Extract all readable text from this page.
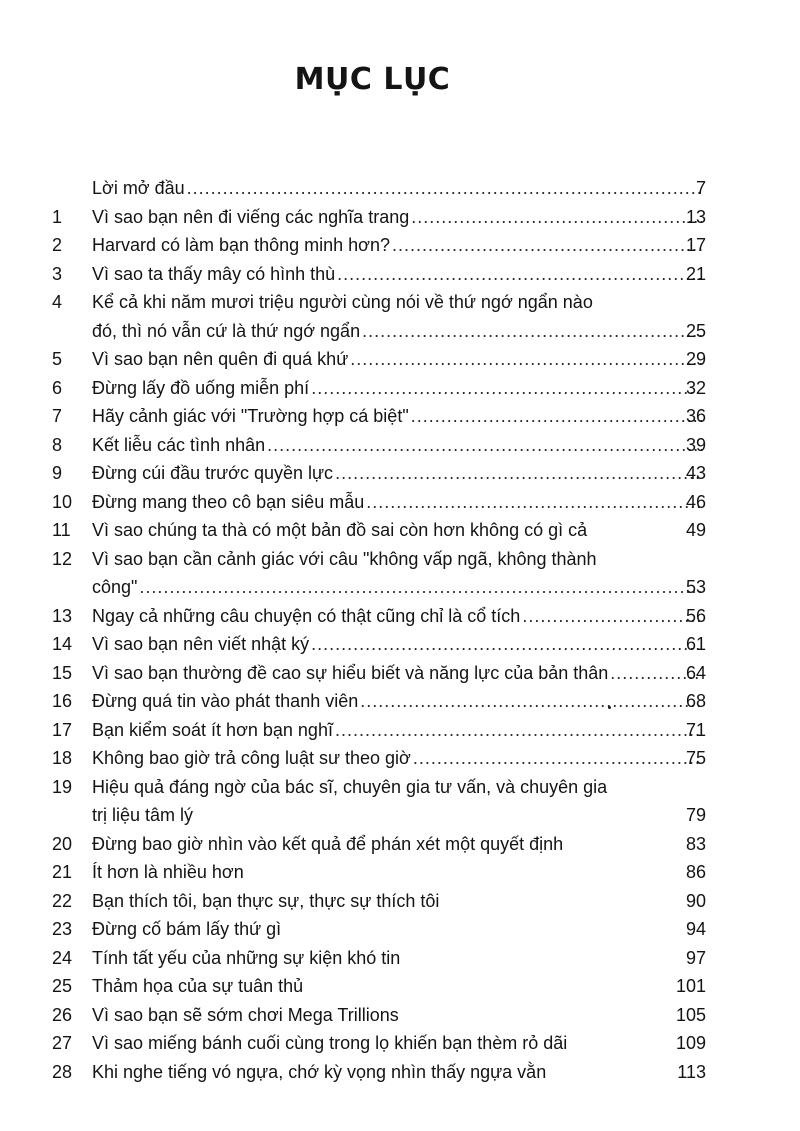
MỤC LỤC
Lời mở đầu .....	7
1	Vì sao bạn nên đi viếng các nghĩa trang .....	13
2	Harvard có làm bạn thông minh hơn? .....	17
3	Vì sao ta thấy mây có hình thù .....	21
4	Kể cả khi năm mươi triệu người cùng nói về thứ ngớ ngẩn nào
đó, thì nó vẫn cứ là thứ ngớ ngẩn .....	25
5	Vì sao bạn nên quên đi quá khứ .....	29
6	Đừng lấy đồ uống miễn phí .....	32
7	Hãy cảnh giác với "Trường hợp cá biệt" .....	36
8	Kết liễu các tình nhân .....	39
9	Đừng cúi đầu trước quyền lực .....	43
10	Đừng mang theo cô bạn siêu mẫu .....	46
11	Vì sao chúng ta thà có một bản đồ sai còn hơn không có gì cả	49
12	Vì sao bạn cần cảnh giác với câu "không vấp ngã, không thành
công" .....	53
13	Ngay cả những câu chuyện có thật cũng chỉ là cổ tích .....	56
14	Vì sao bạn nên viết nhật ký .....	61
15	Vì sao bạn thường đề cao sự hiểu biết và năng lực của bản thân .....	64
16	Đừng quá tin vào phát thanh viên .....	68
17	Bạn kiểm soát ít hơn bạn nghĩ .....	71
18	Không bao giờ trả công luật sư theo giờ .....	75
19	Hiệu quả đáng ngờ của bác sĩ, chuyên gia tư vấn, và chuyên gia
trị liệu tâm lý	79
20	Đừng bao giờ nhìn vào kết quả để phán xét một quyết định	83
21	Ít hơn là nhiều hơn	86
22	Bạn thích tôi, bạn thực sự, thực sự thích tôi	90
23	Đừng cố bám lấy thứ gì	94
24	Tính tất yếu của những sự kiện khó tin	97
25	Thảm họa của sự tuân thủ	101
26	Vì sao bạn sẽ sớm chơi Mega Trillions	105
27	Vì sao miếng bánh cuối cùng trong lọ khiến bạn thèm rỏ dãi	109
28	Khi nghe tiếng vó ngựa, chớ kỳ vọng nhìn thấy ngựa vằn	113
